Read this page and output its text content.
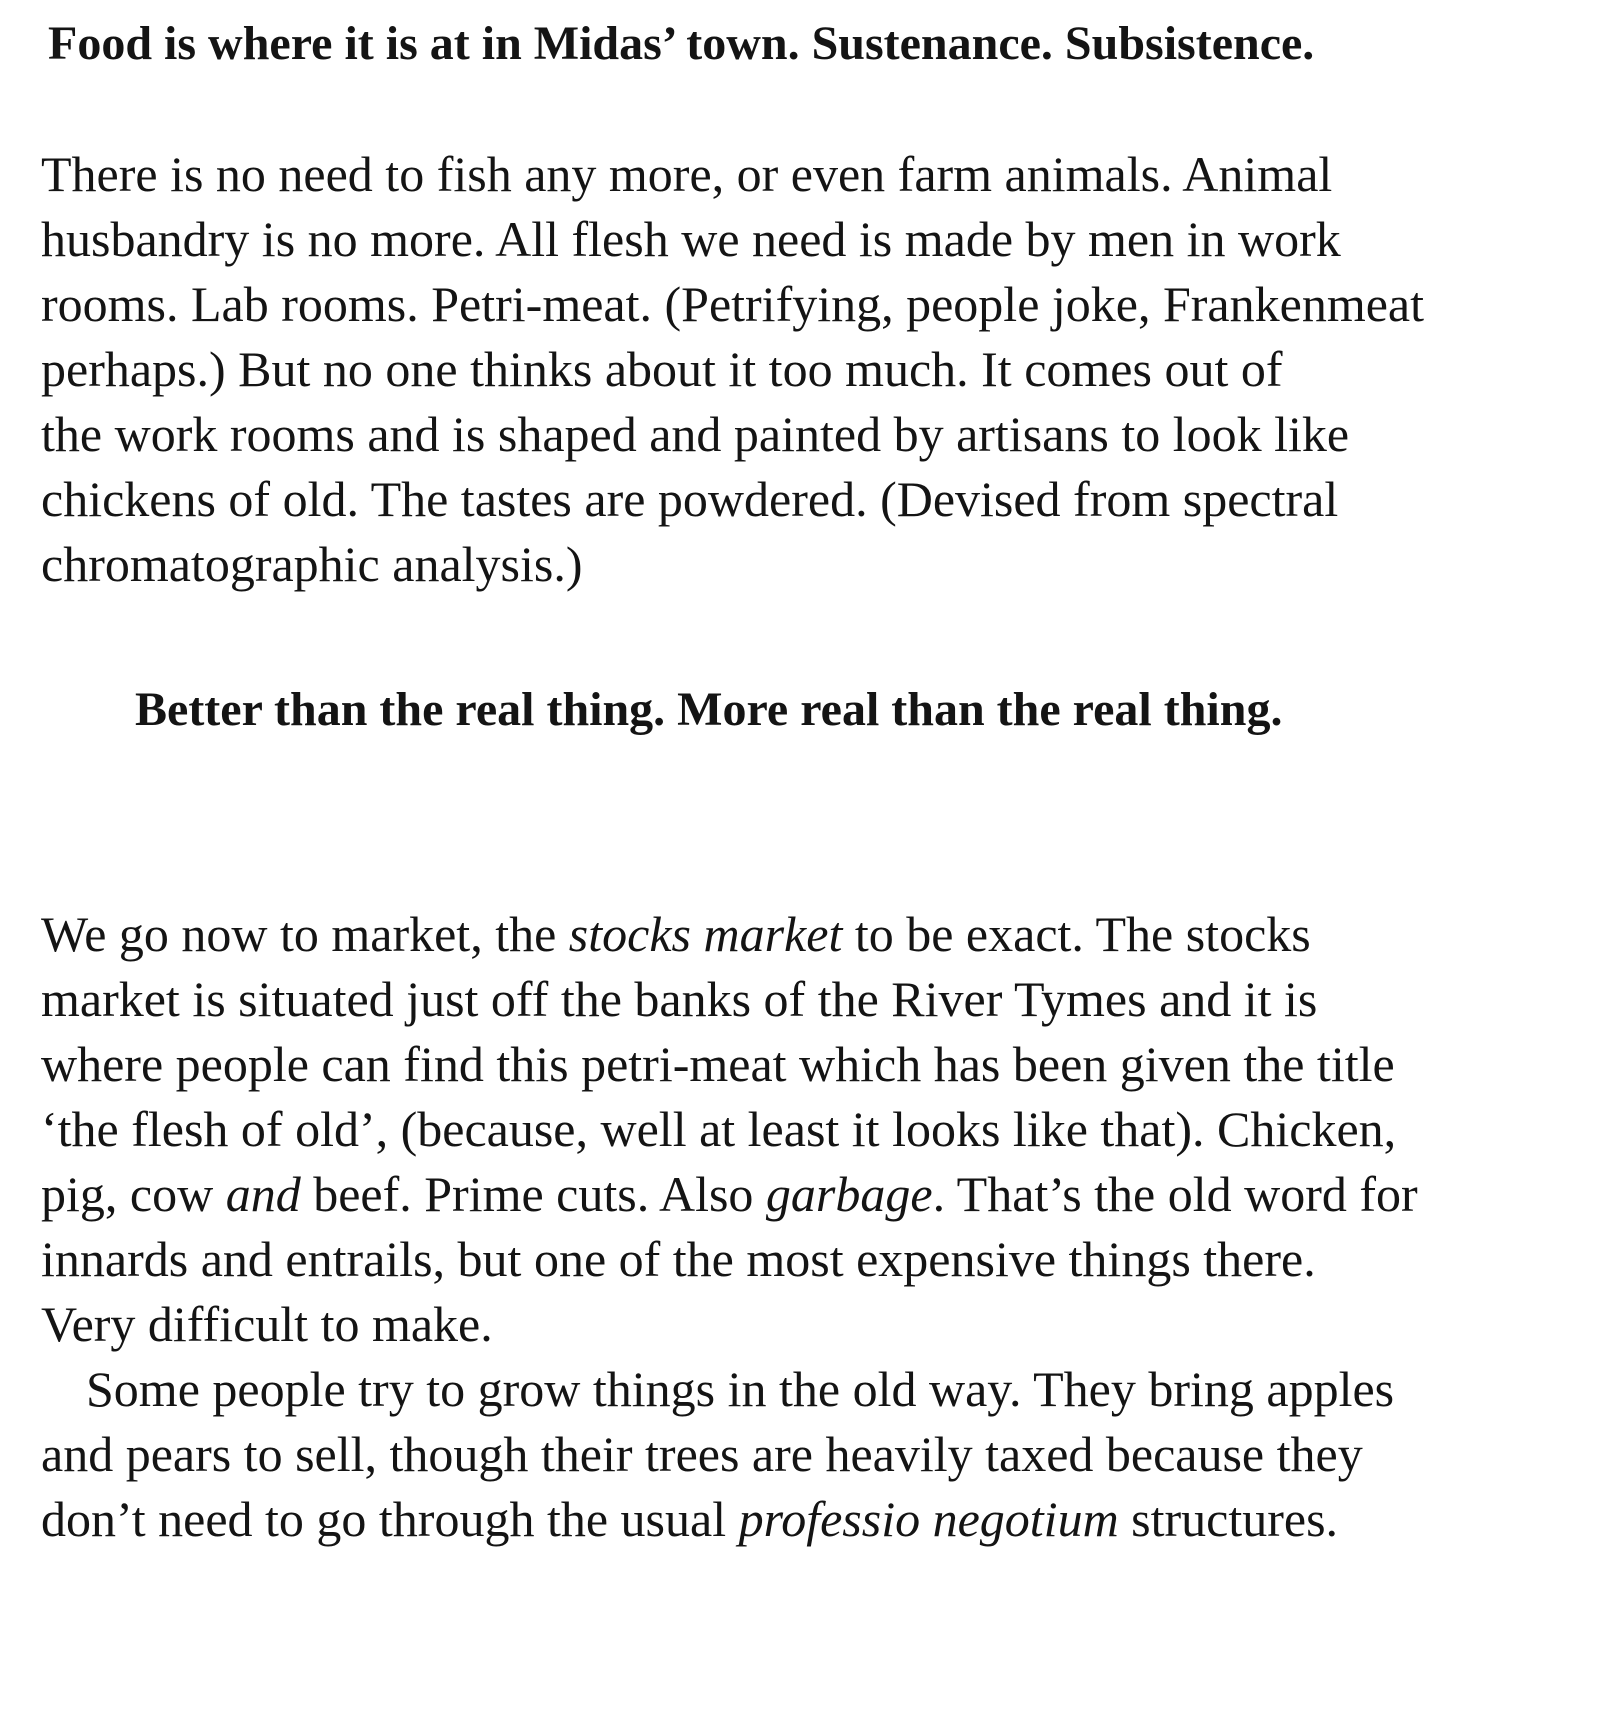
Food is where it is at in Midas’ town. Sustenance. Subsistence.
There is no need to fish any more, or even farm animals. Animal
husbandry is no more. All flesh we need is made by men in work
rooms. Lab rooms. Petri-meat. (Petrifying, people joke, Frankenmeat
perhaps.) But no one thinks about it too much. It comes out of
the work rooms and is shaped and painted by artisans to look like
chickens of old. The tastes are powdered. (Devised from spectral
chromatographic analysis.)
Better than the real thing. More real than the real thing.
We go now to market, the stocks market to be exact. The stocks
market is situated just off the banks of the River Tymes and it is
where people can find this petri-meat which has been given the title
‘the flesh of old’, (because, well at least it looks like that). Chicken,
pig, cow and beef. Prime cuts. Also garbage. That’s the old word for
innards and entrails, but one of the most expensive things there.
Very difficult to make.
Some people try to grow things in the old way. They bring apples
and pears to sell, though their trees are heavily taxed because they
don’t need to go through the usual professio negotium structures.
